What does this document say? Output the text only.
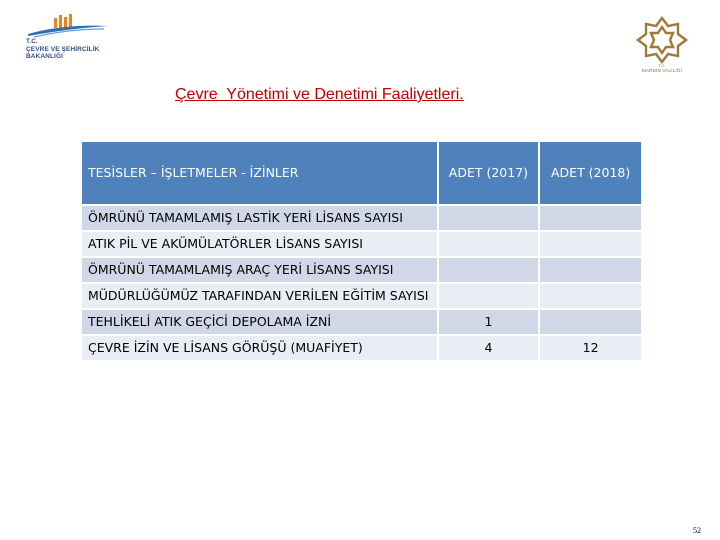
T.C.
ÇEVRE VE ŞEHİRCİLİK
BAKANLIĞI
T.C.
MARDİN VALİLİĞİ
Çevre  Yönetimi ve Denetimi Faaliyetleri.
TESİSLER – İŞLETMELER - İZİNLER	ADET (2017)	ADET (2018)
ÖMRÜNÜ TAMAMLAMIŞ LASTİK YERİ LİSANS SAYISI		
ATIK PİL VE AKÜMÜLATÖRLER LİSANS SAYISI		
ÖMRÜNÜ TAMAMLAMIŞ ARAÇ YERİ LİSANS SAYISI		
MÜDÜRLÜĞÜMÜZ TARAFINDAN VERİLEN EĞİTİM SAYISI		
TEHLİKELİ ATIK GEÇİCİ DEPOLAMA İZNİ	1	
ÇEVRE İZİN VE LİSANS GÖRÜŞÜ (MUAFİYET)	4	12
52
